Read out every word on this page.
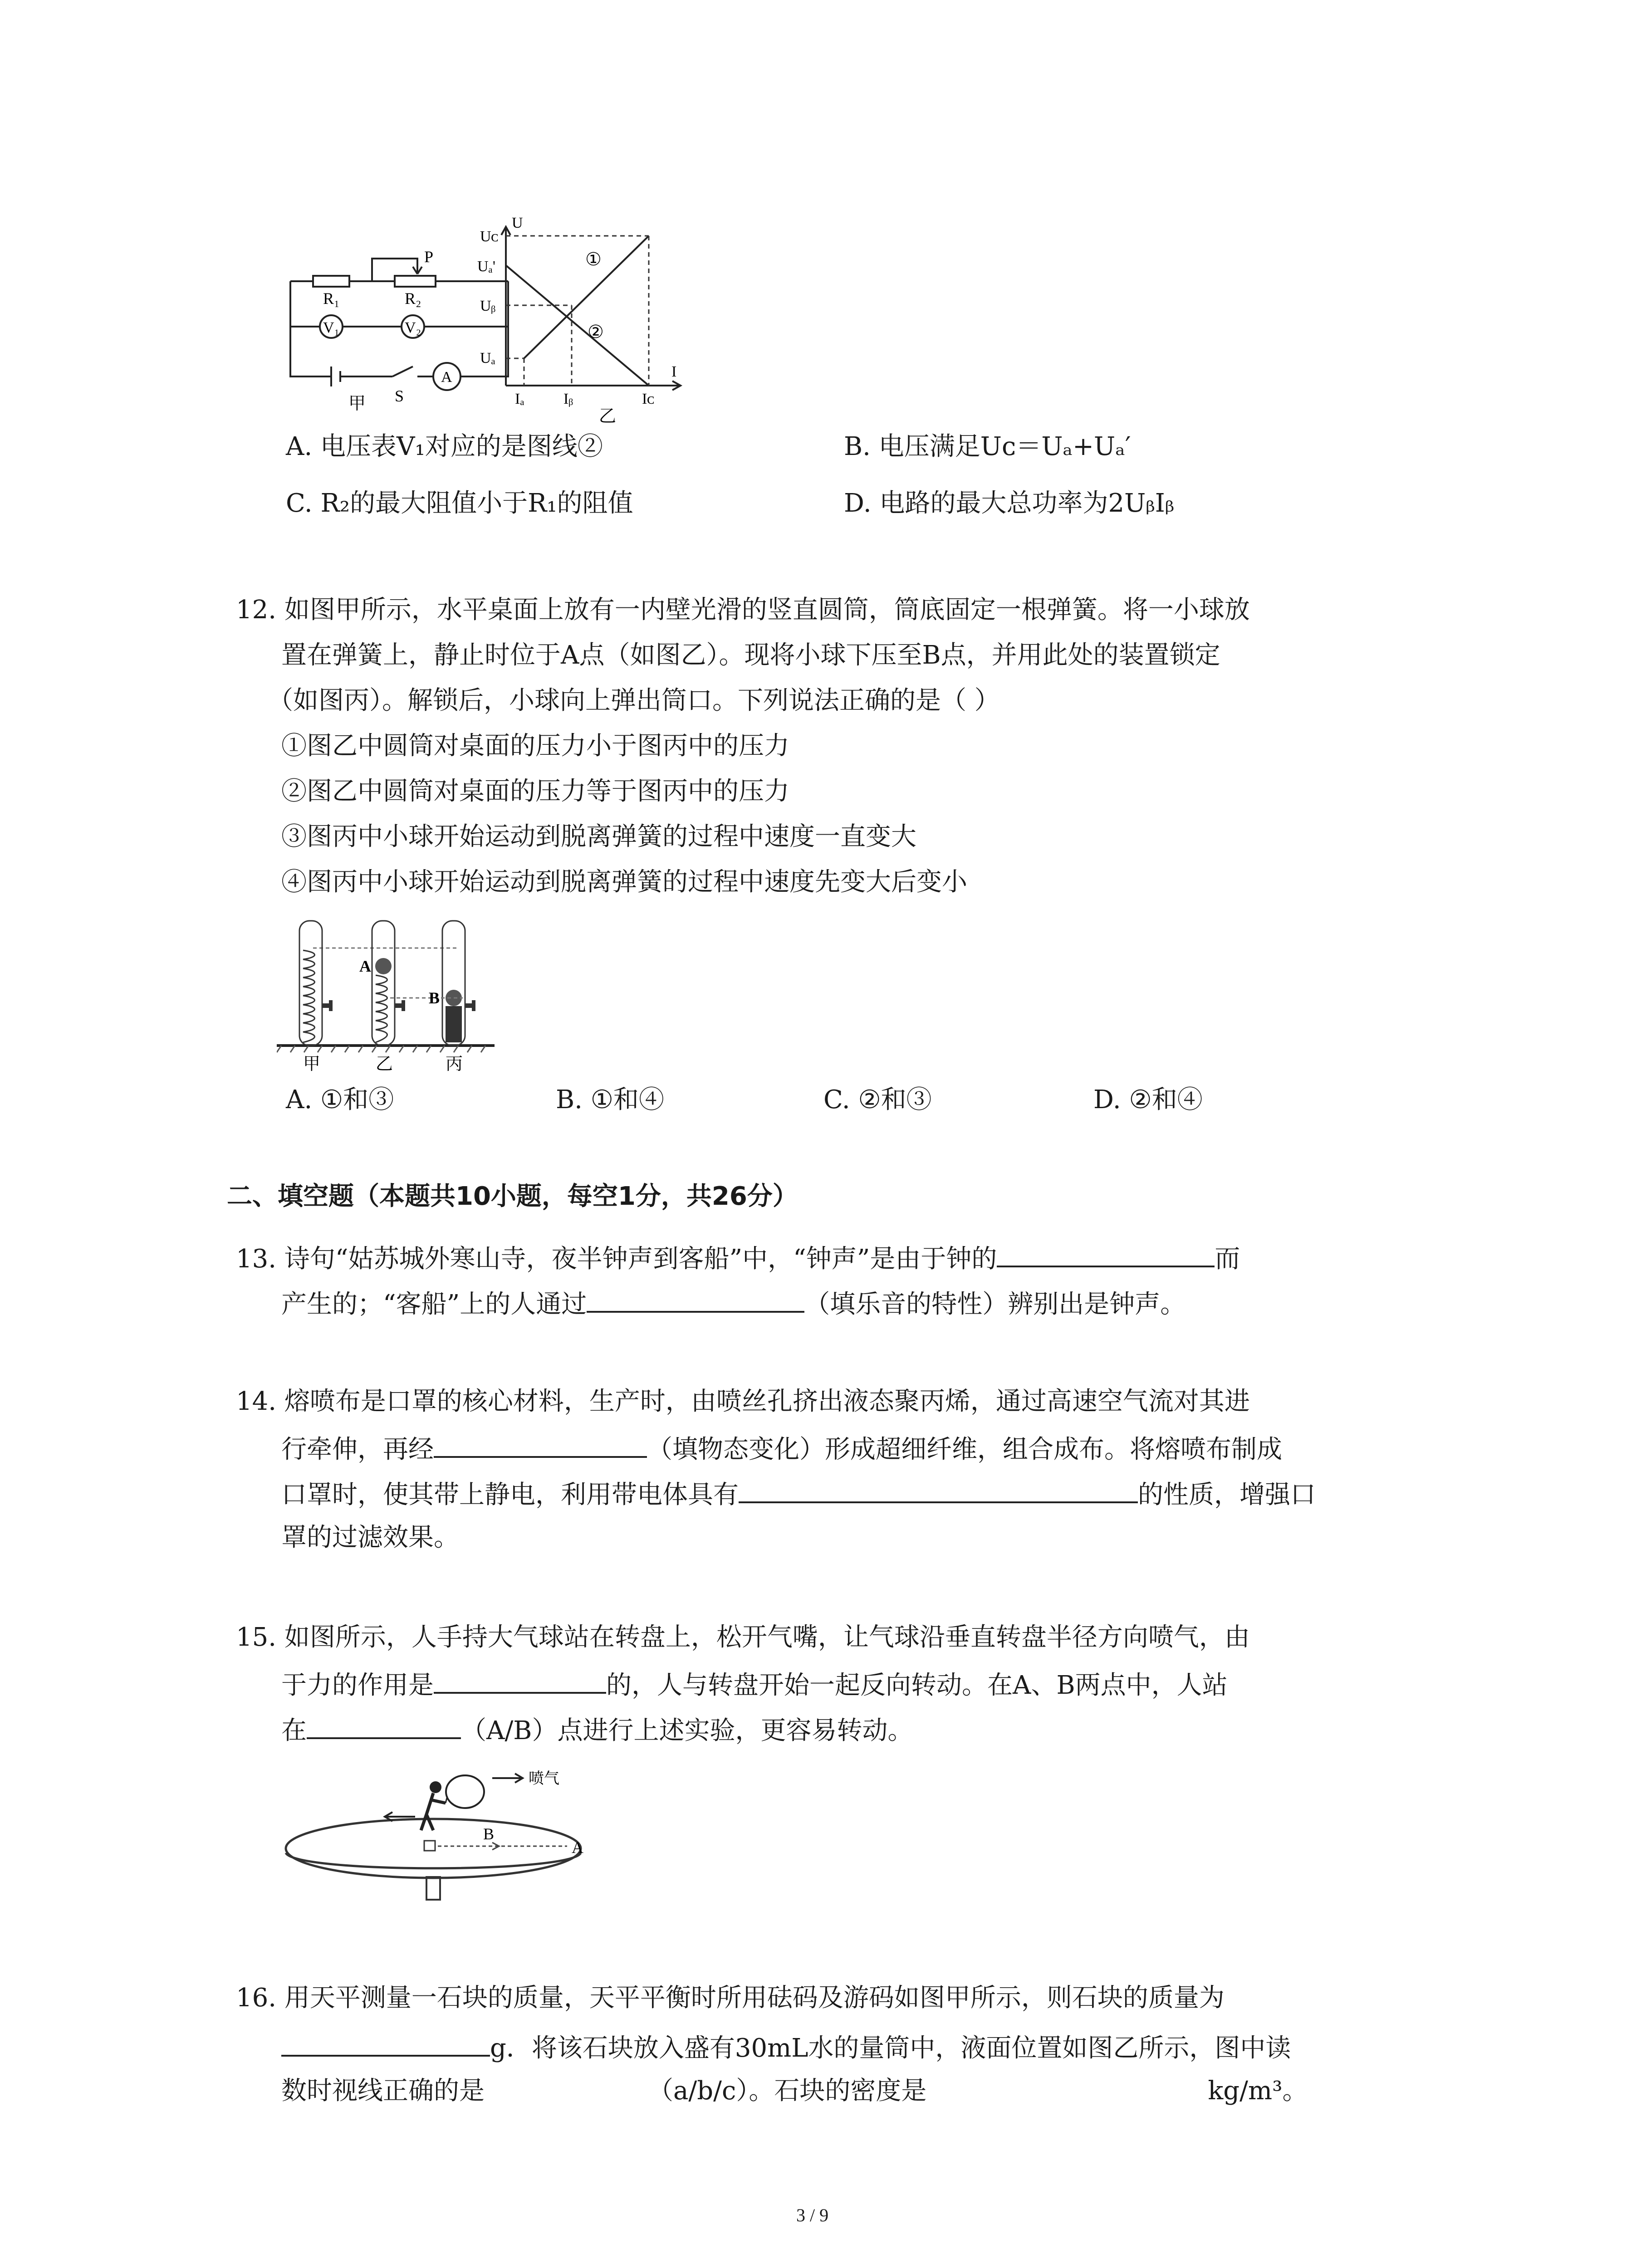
P
R₁	R₂
V₁	V₂
S
A
甲
U
I
Uᴄ
Uₐ'
Uᵦ
Uₐ
Iₐ	Iᵦ	Iᴄ
①
②
乙
A. 电压表V₁对应的是图线②	B. 电压满足Uᴄ＝Uₐ+Uₐ′
C. R₂的最大阻值小于R₁的阻值	D. 电路的最大总功率为2UᵦIᵦ
12. 如图甲所示，水平桌面上放有一内壁光滑的竖直圆筒，筒底固定一根弹簧。将一小球放
置在弹簧上，静止时位于A点（如图乙）。现将小球下压至B点，并用此处的装置锁定
（如图丙）。解锁后，小球向上弹出筒口。下列说法正确的是（ ）
①图乙中圆筒对桌面的压力小于图丙中的压力
②图乙中圆筒对桌面的压力等于图丙中的压力
③图丙中小球开始运动到脱离弹簧的过程中速度一直变大
④图丙中小球开始运动到脱离弹簧的过程中速度先变大后变小
A
B
甲	乙	丙
A. ①和③	B. ①和④	C. ②和③	D. ②和④
二、填空题（本题共10小题，每空1分，共26分）
13. 诗句“姑苏城外寒山寺，夜半钟声到客船”中，“钟声”是由于钟的	而
产生的；“客船”上的人通过	（填乐音的特性）辨别出是钟声。
14. 熔喷布是口罩的核心材料，生产时，由喷丝孔挤出液态聚丙烯，通过高速空气流对其进
行牵伸，再经	（填物态变化）形成超细纤维，组合成布。将熔喷布制成
口罩时，使其带上静电，利用带电体具有	的性质，增强口
罩的过滤效果。
15. 如图所示，人手持大气球站在转盘上，松开气嘴，让气球沿垂直转盘半径方向喷气，由
于力的作用是	的，人与转盘开始一起反向转动。在A、B两点中，人站
在	（A/B）点进行上述实验，更容易转动。
喷气
B
A
16. 用天平测量一石块的质量，天平平衡时所用砝码及游码如图甲所示，则石块的质量为
g．将该石块放入盛有30mL水的量筒中，液面位置如图乙所示，图中读
数时视线正确的是	（a/b/c）。石块的密度是	kg/m³。
3 / 9
